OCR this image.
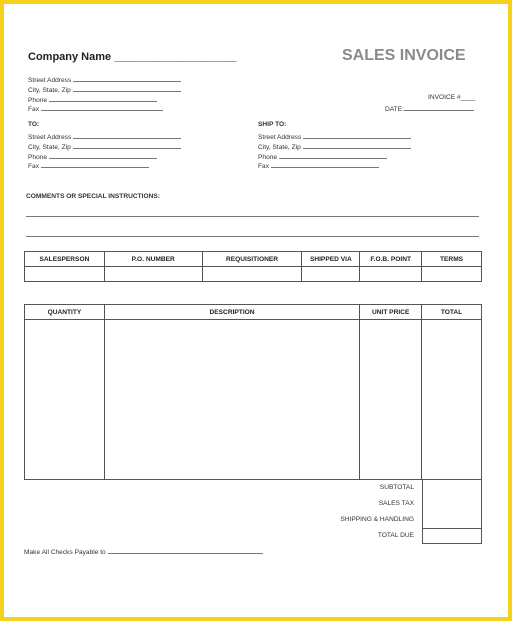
Company Name ____________________
Street Address
City, State, Zip
Phone
Fax
SALES INVOICE
INVOICE #____
DATE:
TO:
Street Address
City, State, Zip
Phone
Fax
SHIP TO:
Street Address
City, State, Zip
Phone
Fax
COMMENTS OR SPECIAL INSTRUCTIONS:
SALESPERSON	P.O. NUMBER	REQUISITIONER	SHIPPED VIA	F.O.B. POINT	TERMS

QUANTITY	DESCRIPTION	UNIT PRICE	TOTAL

SUBTOTAL
SALES TAX
SHIPPING & HANDLING
TOTAL DUE
Make All Checks Payable to
